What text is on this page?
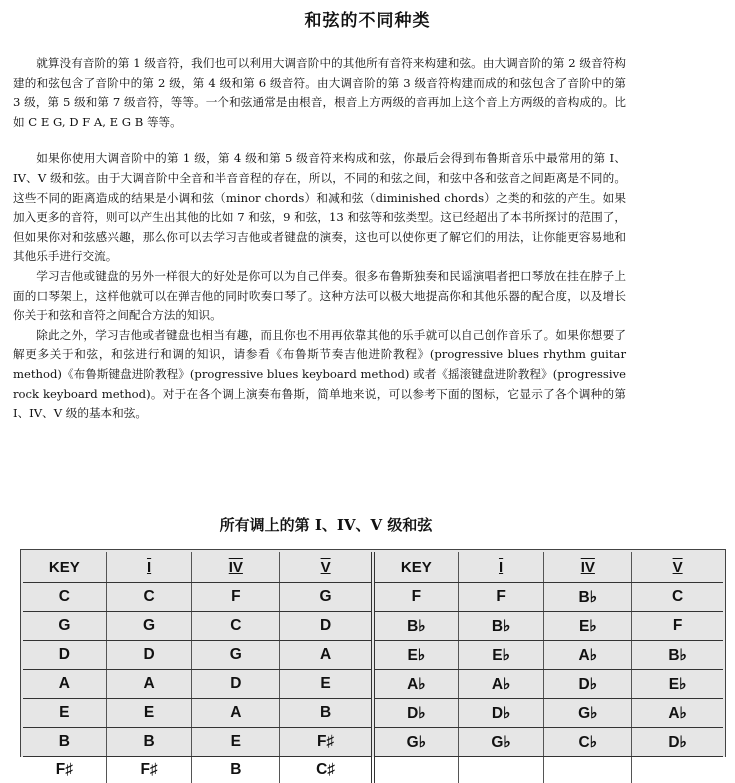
和弦的不同种类

就算没有音阶的第 1 级音符，我们也可以利用大调音阶中的其他所有音符来构建和弦。由大调音阶的第 2 级音符构建的和弦包含了音阶中的第 2 级，第 4 级和第 6 级音符。由大调音阶的第 3 级音符构建而成的和弦包含了音阶中的第 3 级，第 5 级和第 7 级音符，等等。一个和弦通常是由根音，根音上方两级的音再加上这个音上方两级的音构成的。比如 C E G, D F A, E G B 等等。

如果你使用大调音阶中的第 1 级，第 4 级和第 5 级音符来构成和弦，你最后会得到布鲁斯音乐中最常用的第 I、IV、V 级和弦。由于大调音阶中全音和半音音程的存在，所以，不同的和弦之间，和弦中各和弦音之间距离是不同的。这些不同的距离造成的结果是小调和弦（minor chords）和减和弦（diminished chords）之类的和弦的产生。如果加入更多的音符，则可以产生出其他的比如 7 和弦，9 和弦，13 和弦等和弦类型。这已经超出了本书所探讨的范围了，但如果你对和弦感兴趣，那么你可以去学习吉他或者键盘的演奏，这也可以使你更了解它们的用法，让你能更容易地和其他乐手进行交流。

学习吉他或键盘的另外一样很大的好处是你可以为自己伴奏。很多布鲁斯独奏和民谣演唱者把口琴放在挂在脖子上面的口琴架上，这样他就可以在弹吉他的同时吹奏口琴了。这种方法可以极大地提高你和其他乐器的配合度，以及增长你关于和弦和音符之间配合方法的知识。

除此之外，学习吉他或者键盘也相当有趣，而且你也不用再依靠其他的乐手就可以自己创作音乐了。如果你想要了解更多关于和弦，和弦进行和调的知识，请参看《布鲁斯节奏吉他进阶教程》(progressive blues rhythm guitar method)《布鲁斯键盘进阶教程》(progressive blues keyboard method) 或者《摇滚键盘进阶教程》(progressive rock keyboard method)。对于在各个调上演奏布鲁斯，简单地来说，可以参考下面的图标，它显示了各个调种的第 I、IV、V 级的基本和弦。

所有调上的第 I、IV、V 级和弦
KEY	I	IV	V	KEY	I	IV	V
C	C	F	G	F	F	B♭	C
G	G	C	D	B♭	B♭	E♭	F
D	D	G	A	E♭	E♭	A♭	B♭
A	A	D	E	A♭	A♭	D♭	E♭
E	E	A	B	D♭	D♭	G♭	A♭
B	B	E	F♯	G♭	G♭	C♭	D♭
F♯	F♯	B	C♯				
